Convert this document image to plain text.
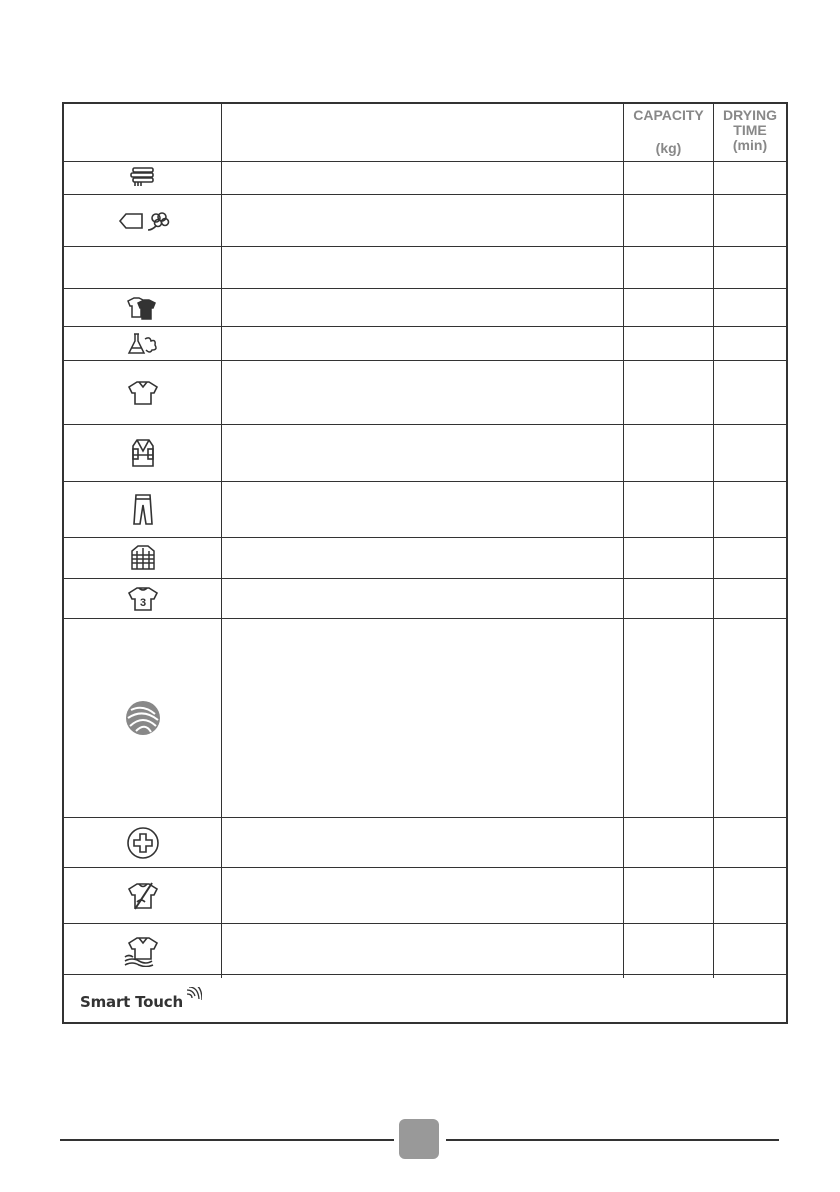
CAPACITY
(kg)
DRYING
TIME
(min)
3
Smart Touch
